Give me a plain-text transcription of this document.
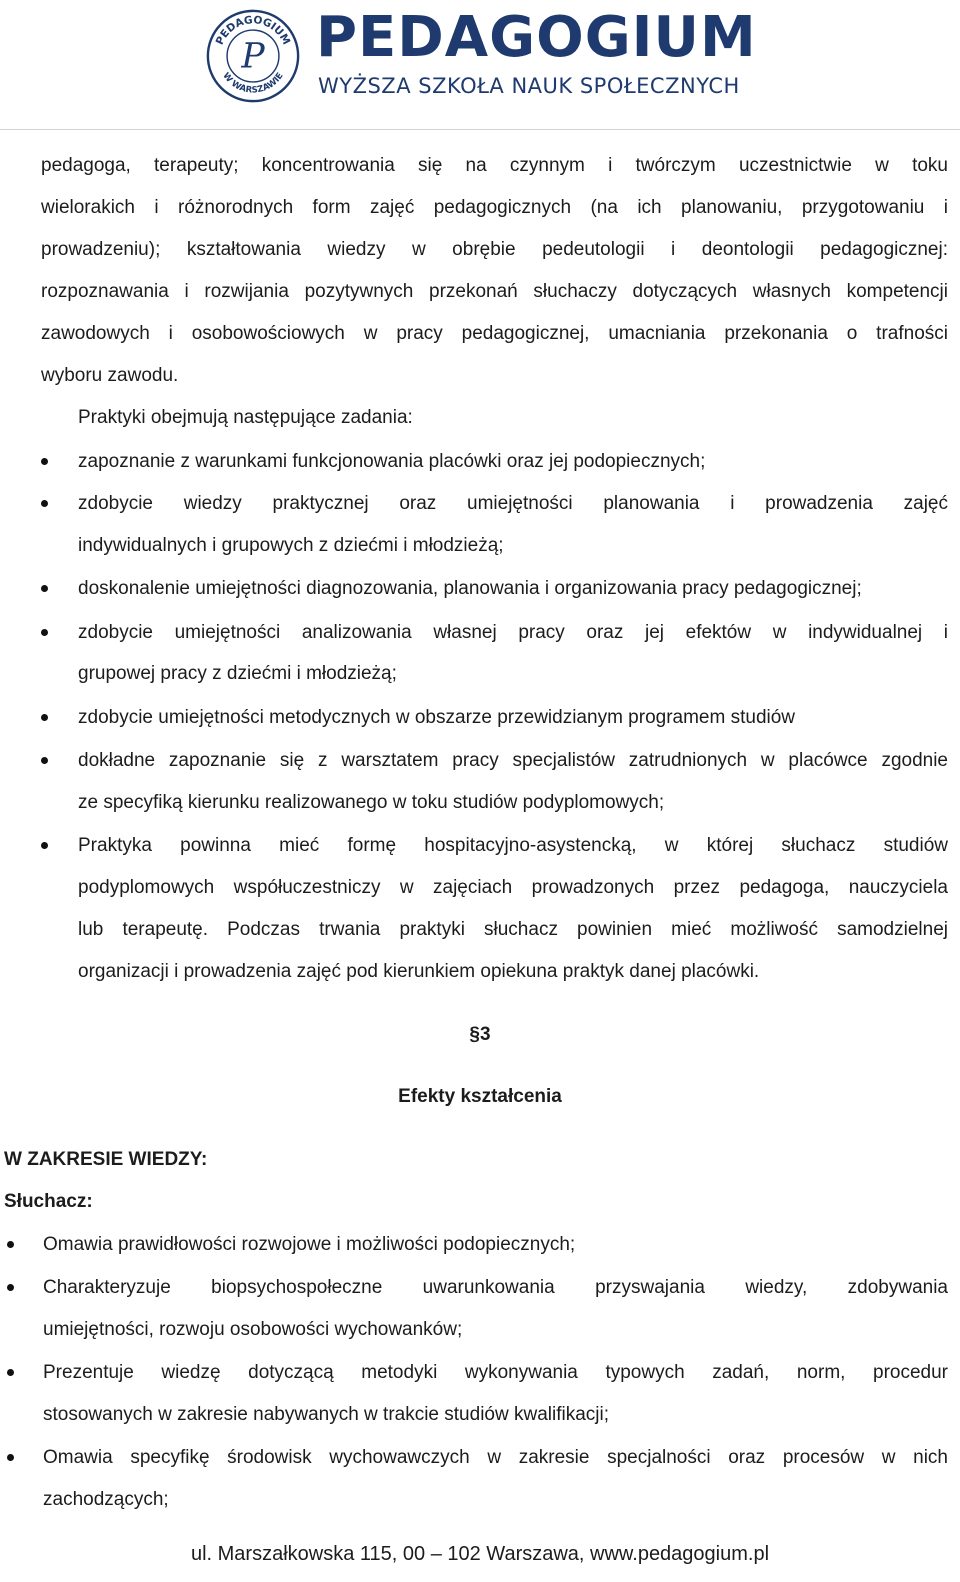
PEDAGOGIUM
W WARSZAWIE
P PEDAGOGIUM
WYŻSZA SZKOŁA NAUK SPOŁECZNYCH
pedagoga, terapeuty; koncentrowania się na czynnym i twórczym uczestnictwie w toku
wielorakich i różnorodnych form zajęć pedagogicznych (na ich planowaniu, przygotowaniu i
prowadzeniu); kształtowania wiedzy w obrębie pedeutologii i deontologii pedagogicznej:
rozpoznawania i rozwijania pozytywnych przekonań słuchaczy dotyczących własnych kompetencji
zawodowych i osobowościowych w pracy pedagogicznej, umacniania przekonania o trafności
wyboru zawodu.
Praktyki obejmują następujące zadania:
zapoznanie z warunkami funkcjonowania placówki oraz jej podopiecznych;
zdobycie wiedzy praktycznej oraz umiejętności planowania i prowadzenia zajęć
indywidualnych i grupowych z dziećmi i młodzieżą;
doskonalenie umiejętności diagnozowania, planowania i organizowania pracy pedagogicznej;
zdobycie umiejętności analizowania własnej pracy oraz jej efektów w indywidualnej i
grupowej pracy z dziećmi i młodzieżą;
zdobycie umiejętności metodycznych w obszarze przewidzianym programem studiów
dokładne zapoznanie się z warsztatem pracy specjalistów zatrudnionych w placówce zgodnie
ze specyfiką kierunku realizowanego w toku studiów podyplomowych;
Praktyka powinna mieć formę hospitacyjno-asystencką, w której słuchacz studiów
podyplomowych współuczestniczy w zajęciach prowadzonych przez pedagoga, nauczyciela
lub terapeutę. Podczas trwania praktyki słuchacz powinien mieć możliwość samodzielnej
organizacji i prowadzenia zajęć pod kierunkiem opiekuna praktyk danej placówki.
§3
Efekty kształcenia
W ZAKRESIE WIEDZY:
Słuchacz:
Omawia prawidłowości rozwojowe i możliwości podopiecznych;
Charakteryzuje biopsychospołeczne uwarunkowania przyswajania wiedzy, zdobywania
umiejętności, rozwoju osobowości wychowanków;
Prezentuje wiedzę dotyczącą metodyki wykonywania typowych zadań, norm, procedur
stosowanych w zakresie nabywanych w trakcie studiów kwalifikacji;
Omawia specyfikę środowisk wychowawczych w zakresie specjalności oraz procesów w nich
zachodzących;
ul. Marszałkowska 115, 00 – 102 Warszawa, www.pedagogium.pl
